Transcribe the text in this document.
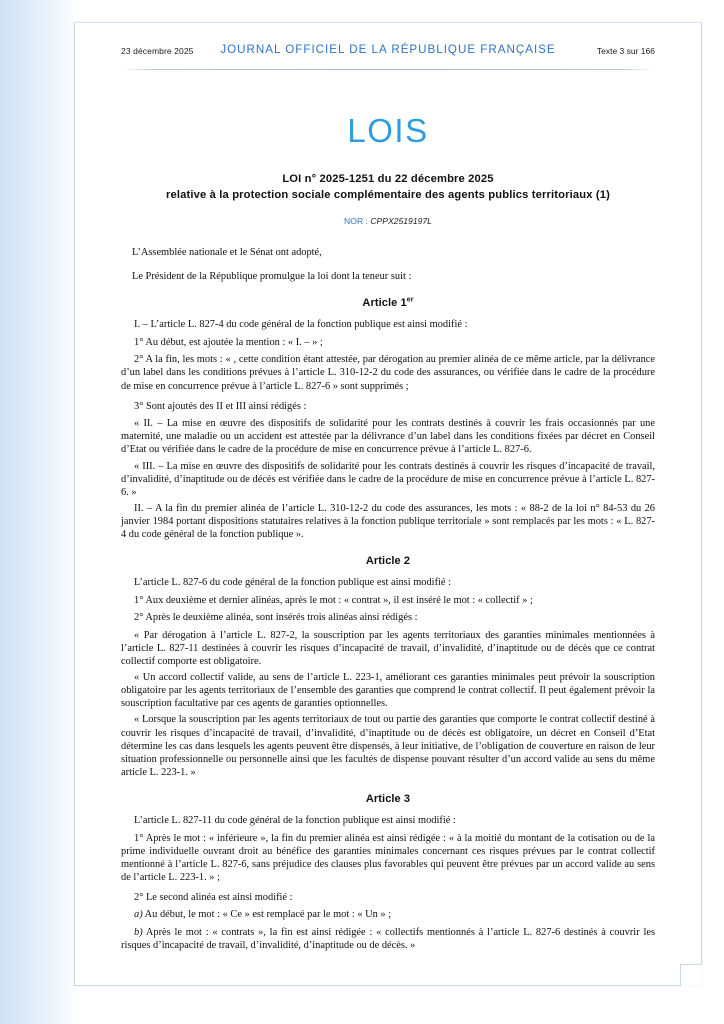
23 décembre 2025 JOURNAL OFFICIEL DE LA RÉPUBLIQUE FRANÇAISE	Texte 3 sur 166
LOIS
LOI n° 2025-1251 du 22 décembre 2025
relative à la protection sociale complémentaire des agents publics territoriaux (1)
NOR : CPPX2519197L

L’Assemblée nationale et le Sénat ont adopté,

Le Président de la République promulgue la loi dont la teneur suit :

Article 1er

I. – L’article L. 827-4 du code général de la fonction publique est ainsi modifié :

1° Au début, est ajoutée la mention : « I. – » ;

2° A la fin, les mots : « , cette condition étant attestée, par dérogation au premier alinéa de ce même article, par la délivrance d’un label dans les conditions prévues à l’article L. 310-12-2 du code des assurances, ou vérifiée dans le cadre de la procédure de mise en concurrence prévue à l’article L. 827-6 » sont supprimés ;

3° Sont ajoutés des II et III ainsi rédigés :

« II. – La mise en œuvre des dispositifs de solidarité pour les contrats destinés à couvrir les frais occasionnés par une maternité, une maladie ou un accident est attestée par la délivrance d’un label dans les conditions fixées par décret en Conseil d’Etat ou vérifiée dans le cadre de la procédure de mise en concurrence prévue à l’article L. 827-6.

« III. – La mise en œuvre des dispositifs de solidarité pour les contrats destinés à couvrir les risques d’incapacité de travail, d’invalidité, d’inaptitude ou de décès est vérifiée dans le cadre de la procédure de mise en concurrence prévue à l’article L. 827-6. »

II. – A la fin du premier alinéa de l’article L. 310-12-2 du code des assurances, les mots : « 88-2 de la loi n° 84-53 du 26 janvier 1984 portant dispositions statutaires relatives à la fonction publique territoriale » sont remplacés par les mots : « L. 827-4 du code général de la fonction publique ».

Article 2

L’article L. 827-6 du code général de la fonction publique est ainsi modifié :

1° Aux deuxième et dernier alinéas, après le mot : « contrat », il est inséré le mot : « collectif » ;

2° Après le deuxième alinéa, sont insérés trois alinéas ainsi rédigés :

« Par dérogation à l’article L. 827-2, la souscription par les agents territoriaux des garanties minimales mentionnées à l’article L. 827-11 destinées à couvrir les risques d’incapacité de travail, d’invalidité, d’inaptitude ou de décès que ce contrat collectif comporte est obligatoire.

« Un accord collectif valide, au sens de l’article L. 223-1, améliorant ces garanties minimales peut prévoir la souscription obligatoire par les agents territoriaux de l’ensemble des garanties que comprend le contrat collectif. Il peut également prévoir la souscription facultative par ces agents de garanties optionnelles.

« Lorsque la souscription par les agents territoriaux de tout ou partie des garanties que comporte le contrat collectif destiné à couvrir les risques d’incapacité de travail, d’invalidité, d’inaptitude ou de décès est obligatoire, un décret en Conseil d’Etat détermine les cas dans lesquels les agents peuvent être dispensés, à leur initiative, de l’obligation de couverture en raison de leur situation professionnelle ou personnelle ainsi que les facultés de dispense pouvant résulter d’un accord valide au sens du même article L. 223-1. »

Article 3

L’article L. 827-11 du code général de la fonction publique est ainsi modifié :

1° Après le mot : « inférieure », la fin du premier alinéa est ainsi rédigée : « à la moitié du montant de la cotisation ou de la prime individuelle ouvrant droit au bénéfice des garanties minimales concernant ces risques prévues par le contrat collectif mentionné à l’article L. 827-6, sans préjudice des clauses plus favorables qui peuvent être prévues par un accord valide au sens de l’article L. 223-1. » ;

2° Le second alinéa est ainsi modifié :

a) Au début, le mot : « Ce » est remplacé par le mot : « Un » ;

b) Après le mot : « contrats », la fin est ainsi rédigée : « collectifs mentionnés à l’article L. 827-6 destinés à couvrir les risques d’incapacité de travail, d’invalidité, d’inaptitude ou de décès. »
